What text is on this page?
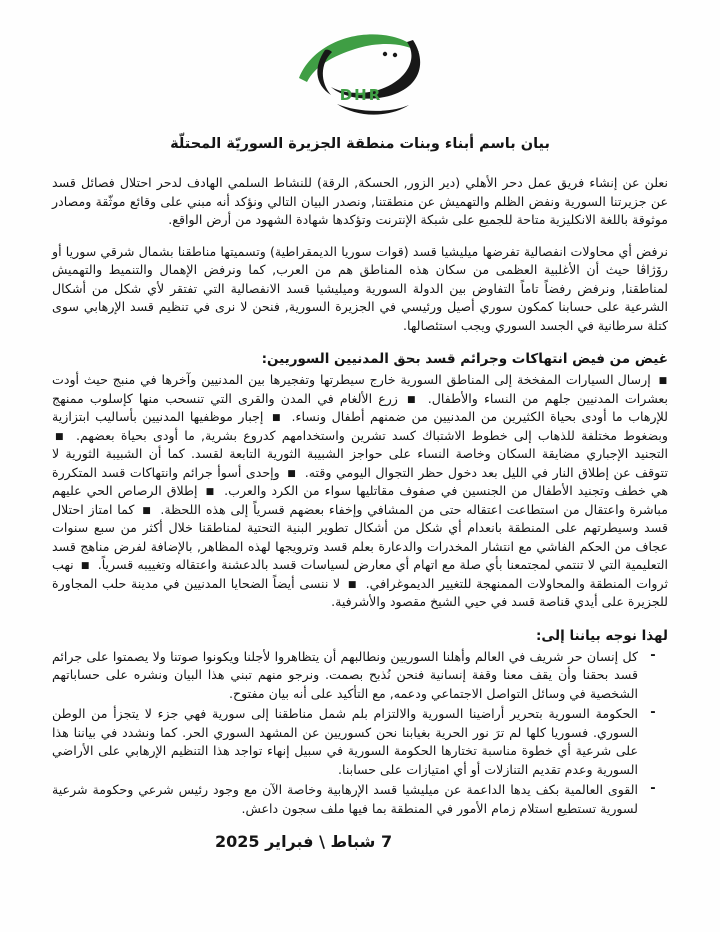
DHR
بيان باسم أبناء وبنات منطقة الجزيرة السوريّة المحتلّة

نعلن عن إنشاء فريق عمل دحر الأهلي (دير الزور, الحسكة, الرقة) للنشاط السلمي الهادف لدحر احتلال فصائل قسد عن جزيرتنا السورية ونفض الظلم والتهميش عن منطقتنا, ونصدر البيان التالي ونؤكد أنه مبني على وقائع موثّقة ومصادر موثوقة باللغة الانكليزية متاحة للجميع على شبكة الإنترنت وتؤكدها شهادة الشهود من أرض الواقع.

نرفض أي محاولات انفصالية تفرضها ميليشيا قسد (قوات سوريا الديمقراطية) وتسميتها مناطقنا بشمال شرقي سوريا أو رۆژاڤا حيث أن الأغلبية العظمى من سكان هذه المناطق هم من العرب, كما ونرفض الإهمال والتنميط والتهميش لمناطقنا, ونرفض رفضاً تاماً التفاوض بين الدولة السورية وميليشيا قسد الانفصالية التي تفتقر لأي شكل من أشكال الشرعية على حسابنا كمكون سوري أصيل ورئيسي في الجزيرة السورية, فنحن لا نرى في تنظيم قسد الإرهابي سوى كتلة سرطانية في الجسد السوري ويجب استئصالها.

غيض من فيض انتهاكات وجرائم قسد بحق المدنيين السوريين:

■ إرسال السيارات المفخخة إلى المناطق السورية خارج سيطرتها وتفجيرها بين المدنيين وآخرها في منبج حيث أودت بعشرات المدنيين جلهم من النساء والأطفال. ■ زرع الألغام في المدن والقرى التي تنسحب منها كإسلوب ممنهج للإرهاب ما أودى بحياة الكثيرين من المدنيين من ضمنهم أطفال ونساء. ■ إجبار موظفيها المدنيين بأساليب ابتزازية وبضغوط مختلفة للذهاب إلى خطوط الاشتباك كسد تشرين واستخدامهم كدروع بشرية, ما أودى بحياة بعضهم. ■ التجنيد الإجباري مضايقة السكان وخاصة النساء على حواجز الشبيبة الثورية التابعة لقسد. كما أن الشبيبة الثورية لا تتوقف عن إطلاق النار في الليل بعد دخول حظر التجوال اليومي وقته. ■ وإحدى أسوأ جرائم وانتهاكات قسد المتكررة هي خطف وتجنيد الأطفال من الجنسين في صفوف مقاتليها سواء من الكرد والعرب. ■ إطلاق الرصاص الحي عليهم مباشرة واعتقال من استطاعت اعتقاله حتى من المشافي وإخفاء بعضهم قسرياً إلى هذه اللحظة. ■ كما امتاز احتلال قسد وسيطرتهم على المنطقة بانعدام أي شكل من أشكال تطوير البنية التحتية لمناطقنا خلال أكثر من سبع سنوات عجاف من الحكم الفاشي مع انتشار المخدرات والدعارة بعلم قسد وترويجها لهذه المظاهر, بالإضافة لفرض مناهج قسد التعليمية التي لا تنتمي لمجتمعنا بأي صلة مع اتهام أي معارض لسياسات قسد بالدعشنة واعتقاله وتغييبه قسرياً. ■ نهب ثروات المنطقة والمحاولات الممنهجة للتغيير الديموغرافي. ■ لا ننسى أيضاً الضحايا المدنيين في مدينة حلب المجاورة للجزيرة على أيدي قناصة قسد في حيي الشيخ مقصود والأشرفية.

لهذا نوجه بياننا إلى:
-
كل إنسان حر شريف في العالم وأهلنا السوريين ونطالبهم أن يتظاهروا لأجلنا ويكونوا صوتنا ولا يصمتوا على جرائم قسد بحقنا وأن يقف معنا وقفة إنسانية فنحن نُذبح بصمت. ونرجو منهم تبني هذا البيان ونشره على حساباتهم الشخصية في وسائل التواصل الاجتماعي ودعمه, مع التأكيد على أنه بيان مفتوح.
-
الحكومة السورية بتحرير أراضينا السورية والالتزام بلم شمل مناطقنا إلى سورية فهي جزء لا يتجزأ من الوطن السوري. فسوريا كلها لم ترَ نور الحرية بغيابنا نحن كسوريين عن المشهد السوري الحر. كما ونشدد في بياننا هذا على شرعية أي خطوة مناسبة تختارها الحكومة السورية في سبيل إنهاء تواجد هذا التنظيم الإرهابي على الأراضي السورية وعدم تقديم التنازلات أو أي امتيازات على حسابنا.
-
القوى العالمية بكف يدها الداعمة عن ميليشيا قسد الإرهابية وخاصة الآن مع وجود رئيس شرعي وحكومة شرعية لسورية تستطيع استلام زمام الأمور في المنطقة بما فيها ملف سجون داعش.
7 شباط \ فبراير 2025
